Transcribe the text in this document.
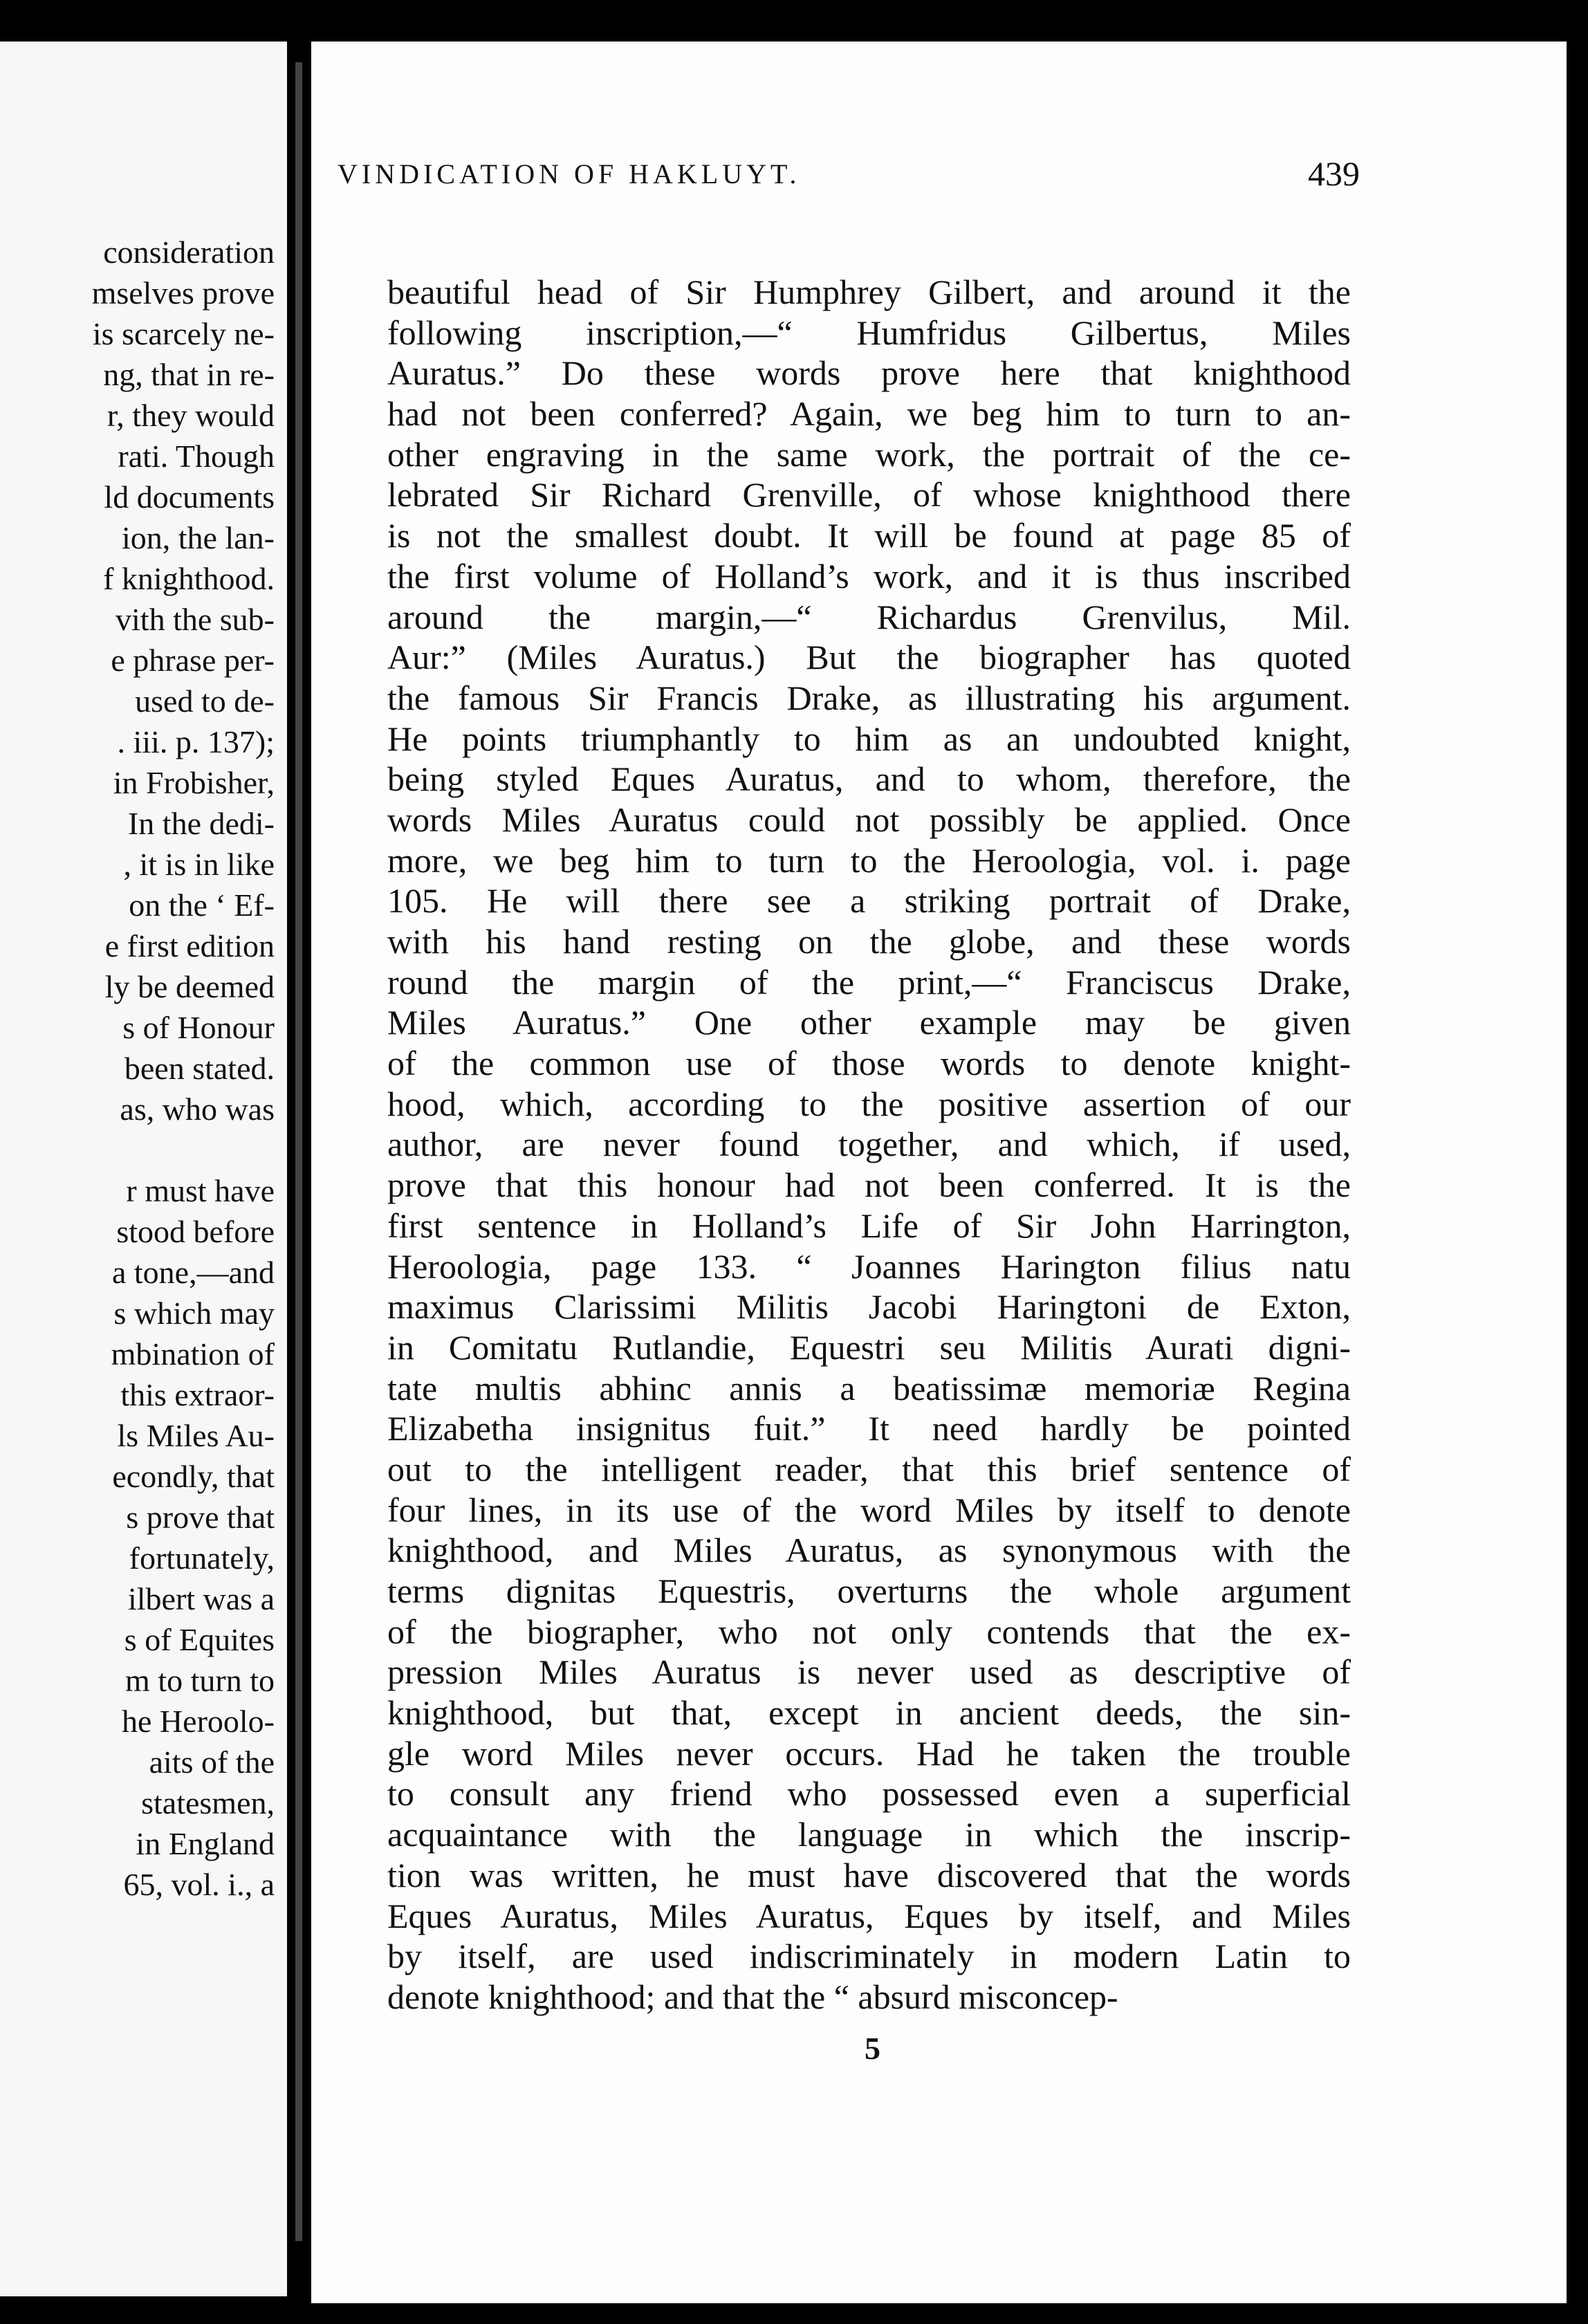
consideration
mselves prove
is scarcely ne-
ng, that in re-
r, they would
rati. Though
ld documents
ion, the lan-
f knighthood.
vith the sub-
e phrase per-
used to de-
. iii. p. 137);
in Frobisher,
In the dedi-
, it is in like
on the ‘ Ef-
e first edition
ly be deemed
s of Honour
been stated.
as, who was
r must have
stood before
a tone,—and
s which may
mbination of
this extraor-
ls Miles Au-
econdly, that
s prove that
fortunately,
ilbert was a
s of Equites
m to turn to
he Heroolo-
aits of the
statesmen,
in England
65, vol. i., a
VINDICATION OF HAKLUYT.	439
beautiful head of Sir Humphrey Gilbert, and around it the
following inscription,—“ Humfridus Gilbertus, Miles
Auratus.” Do these words prove here that knighthood
had not been conferred? Again, we beg him to turn to an-
other engraving in the same work, the portrait of the ce-
lebrated Sir Richard Grenville, of whose knighthood there
is not the smallest doubt. It will be found at page 85 of
the first volume of Holland’s work, and it is thus inscribed
around the margin,—“ Richardus Grenvilus, Mil.
Aur:” (Miles Auratus.) But the biographer has quoted
the famous Sir Francis Drake, as illustrating his argument.
He points triumphantly to him as an undoubted knight,
being styled Eques Auratus, and to whom, therefore, the
words Miles Auratus could not possibly be applied. Once
more, we beg him to turn to the Heroologia, vol. i. page
105. He will there see a striking portrait of Drake,
with his hand resting on the globe, and these words
round the margin of the print,—“ Franciscus Drake,
Miles Auratus.” One other example may be given
of the common use of those words to denote knight-
hood, which, according to the positive assertion of our
author, are never found together, and which, if used,
prove that this honour had not been conferred. It is the
first sentence in Holland’s Life of Sir John Harrington,
Heroologia, page 133. “ Joannes Harington filius natu
maximus Clarissimi Militis Jacobi Haringtoni de Exton,
in Comitatu Rutlandie, Equestri seu Militis Aurati digni-
tate multis abhinc annis a beatissimæ memoriæ Regina
Elizabetha insignitus fuit.” It need hardly be pointed
out to the intelligent reader, that this brief sentence of
four lines, in its use of the word Miles by itself to denote
knighthood, and Miles Auratus, as synonymous with the
terms dignitas Equestris, overturns the whole argument
of the biographer, who not only contends that the ex-
pression Miles Auratus is never used as descriptive of
knighthood, but that, except in ancient deeds, the sin-
gle word Miles never occurs. Had he taken the trouble
to consult any friend who possessed even a superficial
acquaintance with the language in which the inscrip-
tion was written, he must have discovered that the words
Eques Auratus, Miles Auratus, Eques by itself, and Miles
by itself, are used indiscriminately in modern Latin to
denote knighthood; and that the “ absurd misconcep-
5
